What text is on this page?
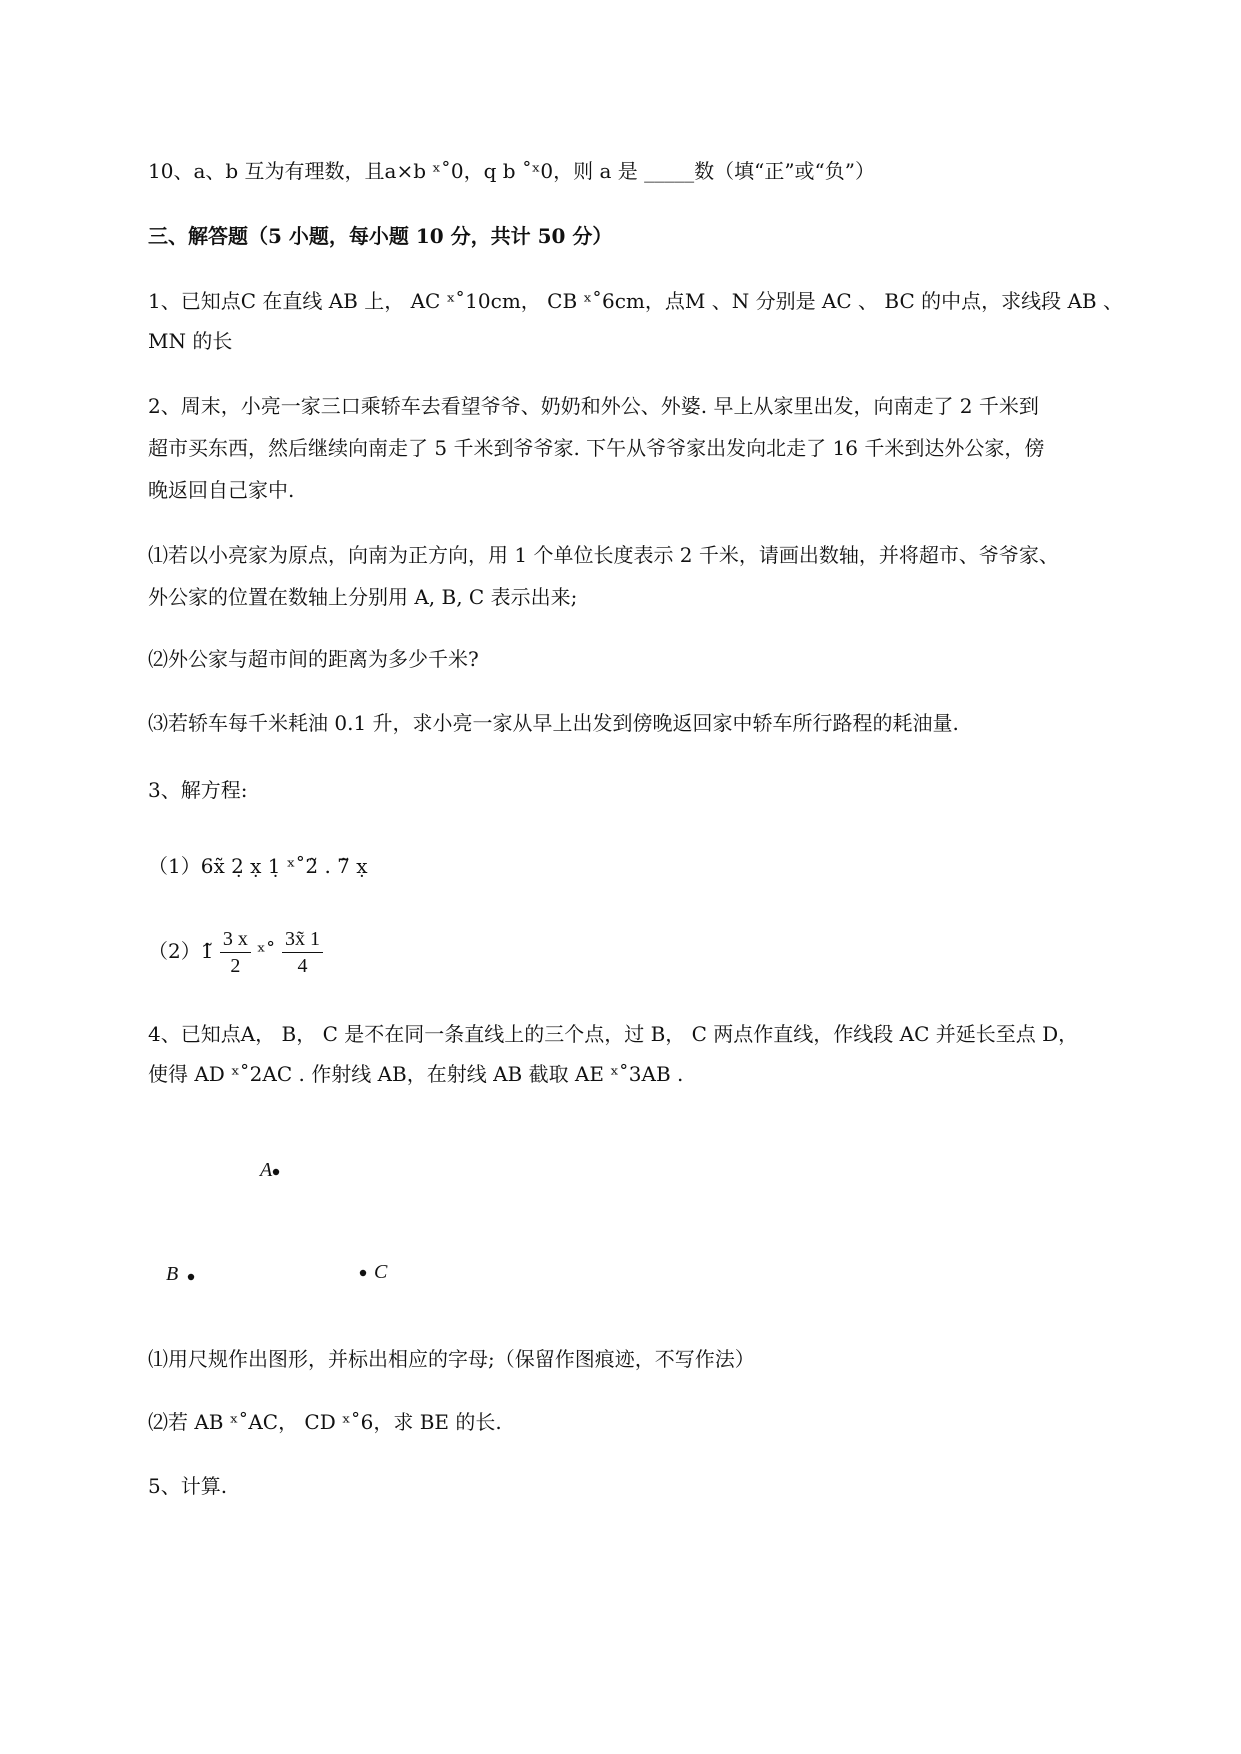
10、a、b 互为有理数，且a×b ˣ˚0，q b ˚ˣ0，则 a 是 _____数（填“正”或“负”）
三、解答题（5 小题，每小题 10 分，共计 50 分）
1、已知点C 在直线 AB 上， AC ˣ˚10cm， CB ˣ˚6cm，点M 、N 分别是 AC 、 BC 的中点，求线段 AB 、
MN 的长
2、周末，小亮一家三口乘轿车去看望爷爷、奶奶和外公、外婆. 早上从家里出发，向南走了 2 千米到
超市买东西，然后继续向南走了 5 千米到爷爷家. 下午从爷爷家出发向北走了 16 千米到达外公家，傍
晚返回自己家中.
⑴若以小亮家为原点，向南为正方向，用 1 个单位长度表示 2 千米，请画出数轴，并将超市、爷爷家、
外公家的位置在数轴上分别用 A, B, C 表示出来;
⑵外公家与超市间的距离为多少千米?
⑶若轿车每千米耗油 0.1 升，求小亮一家从早上出发到傍晚返回家中轿车所行路程的耗油量.
3、解方程:
（1）6x̃ 2̣ x̣ 1̣ ˣ˚2̃ . 7̃ x̣
（2）1̃ $\frac{3 x}{2}$ ˣ˚ $\frac{3x̃ 1}{4}$
4、已知点A， B， C 是不在同一条直线上的三个点，过 B， C 两点作直线，作线段 AC 并延长至点 D，
使得 AD ˣ˚2AC . 作射线 AB，在射线 AB 截取 AE ˣ˚3AB .
A
B	C
⑴用尺规作出图形，并标出相应的字母;（保留作图痕迹，不写作法）
⑵若 AB ˣ˚AC， CD ˣ˚6，求 BE 的长.
5、计算.
